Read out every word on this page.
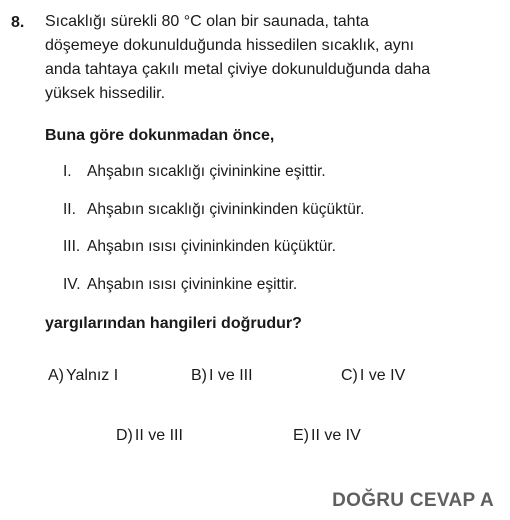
8. Sıcaklığı sürekli 80 °C olan bir saunada, tahta
döşemeye dokunulduğunda hissedilen sıcaklık, aynı
anda tahtaya çakılı metal çiviye dokunulduğunda daha
yüksek hissedilir.

Buna göre dokunmadan önce,
I. Ahşabın sıcaklığı çivininkine eşittir.
II. Ahşabın sıcaklığı çivininkinden küçüktür.
III. Ahşabın ısısı çivininkinden küçüktür.
IV. Ahşabın ısısı çivininkine eşittir.
yargılarından hangileri doğrudur?
A) Yalnız I	B) I ve III	C) I ve IV
D) II ve III	E) II ve IV
DOĞRU CEVAP A
